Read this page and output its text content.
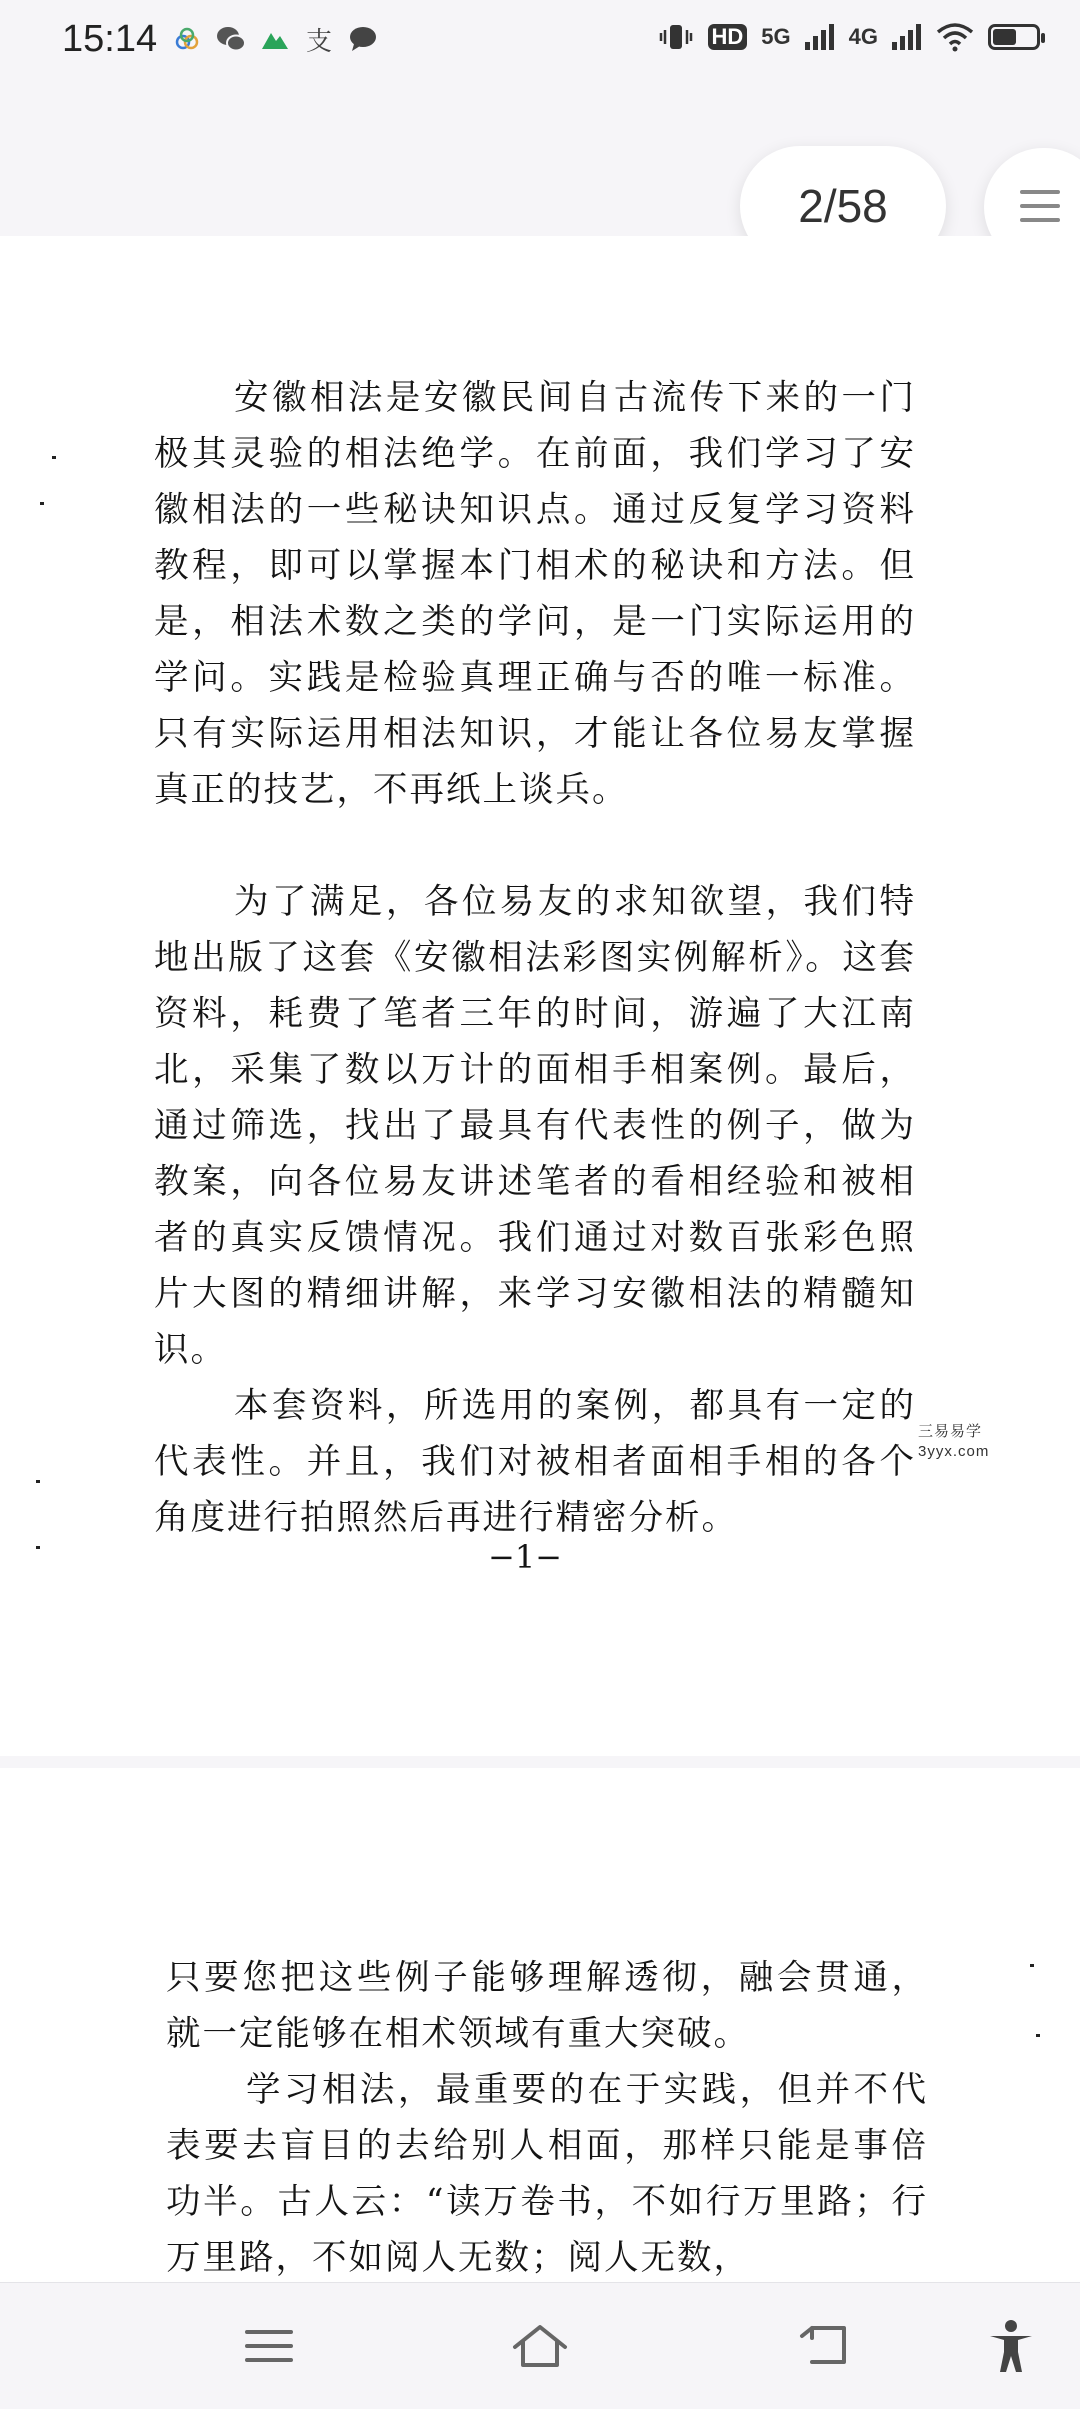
15:14	支	HD 5G	4G
2/58
安徽相法是安徽民间自古流传下来的一门极其灵验的相法绝学。在前面，我们学习了安徽相法的一些秘诀知识点。通过反复学习资料教程，即可以掌握本门相术的秘诀和方法。但是，相法术数之类的学问，是一门实际运用的学问。实践是检验真理正确与否的唯一标准。只有实际运用相法知识，才能让各位易友掌握真正的技艺，不再纸上谈兵。
为了满足，各位易友的求知欲望，我们特地出版了这套《安徽相法彩图实例解析》。这套资料，耗费了笔者三年的时间，游遍了大江南北，采集了数以万计的面相手相案例。最后，通过筛选，找出了最具有代表性的例子，做为教案，向各位易友讲述笔者的看相经验和被相者的真实反馈情况。我们通过对数百张彩色照片大图的精细讲解，来学习安徽相法的精髓知识。
本套资料，所选用的案例，都具有一定的代表性。并且，我们对被相者面相手相的各个角度进行拍照然后再进行精密分析。
−1−
三易易学
3yyx.com
只要您把这些例子能够理解透彻，融会贯通，就一定能够在相术领域有重大突破。
学习相法，最重要的在于实践，但并不代表要去盲目的去给别人相面，那样只能是事倍功半。古人云：“读万卷书，不如行万里路；行万里路，不如阅人无数；阅人无数，
